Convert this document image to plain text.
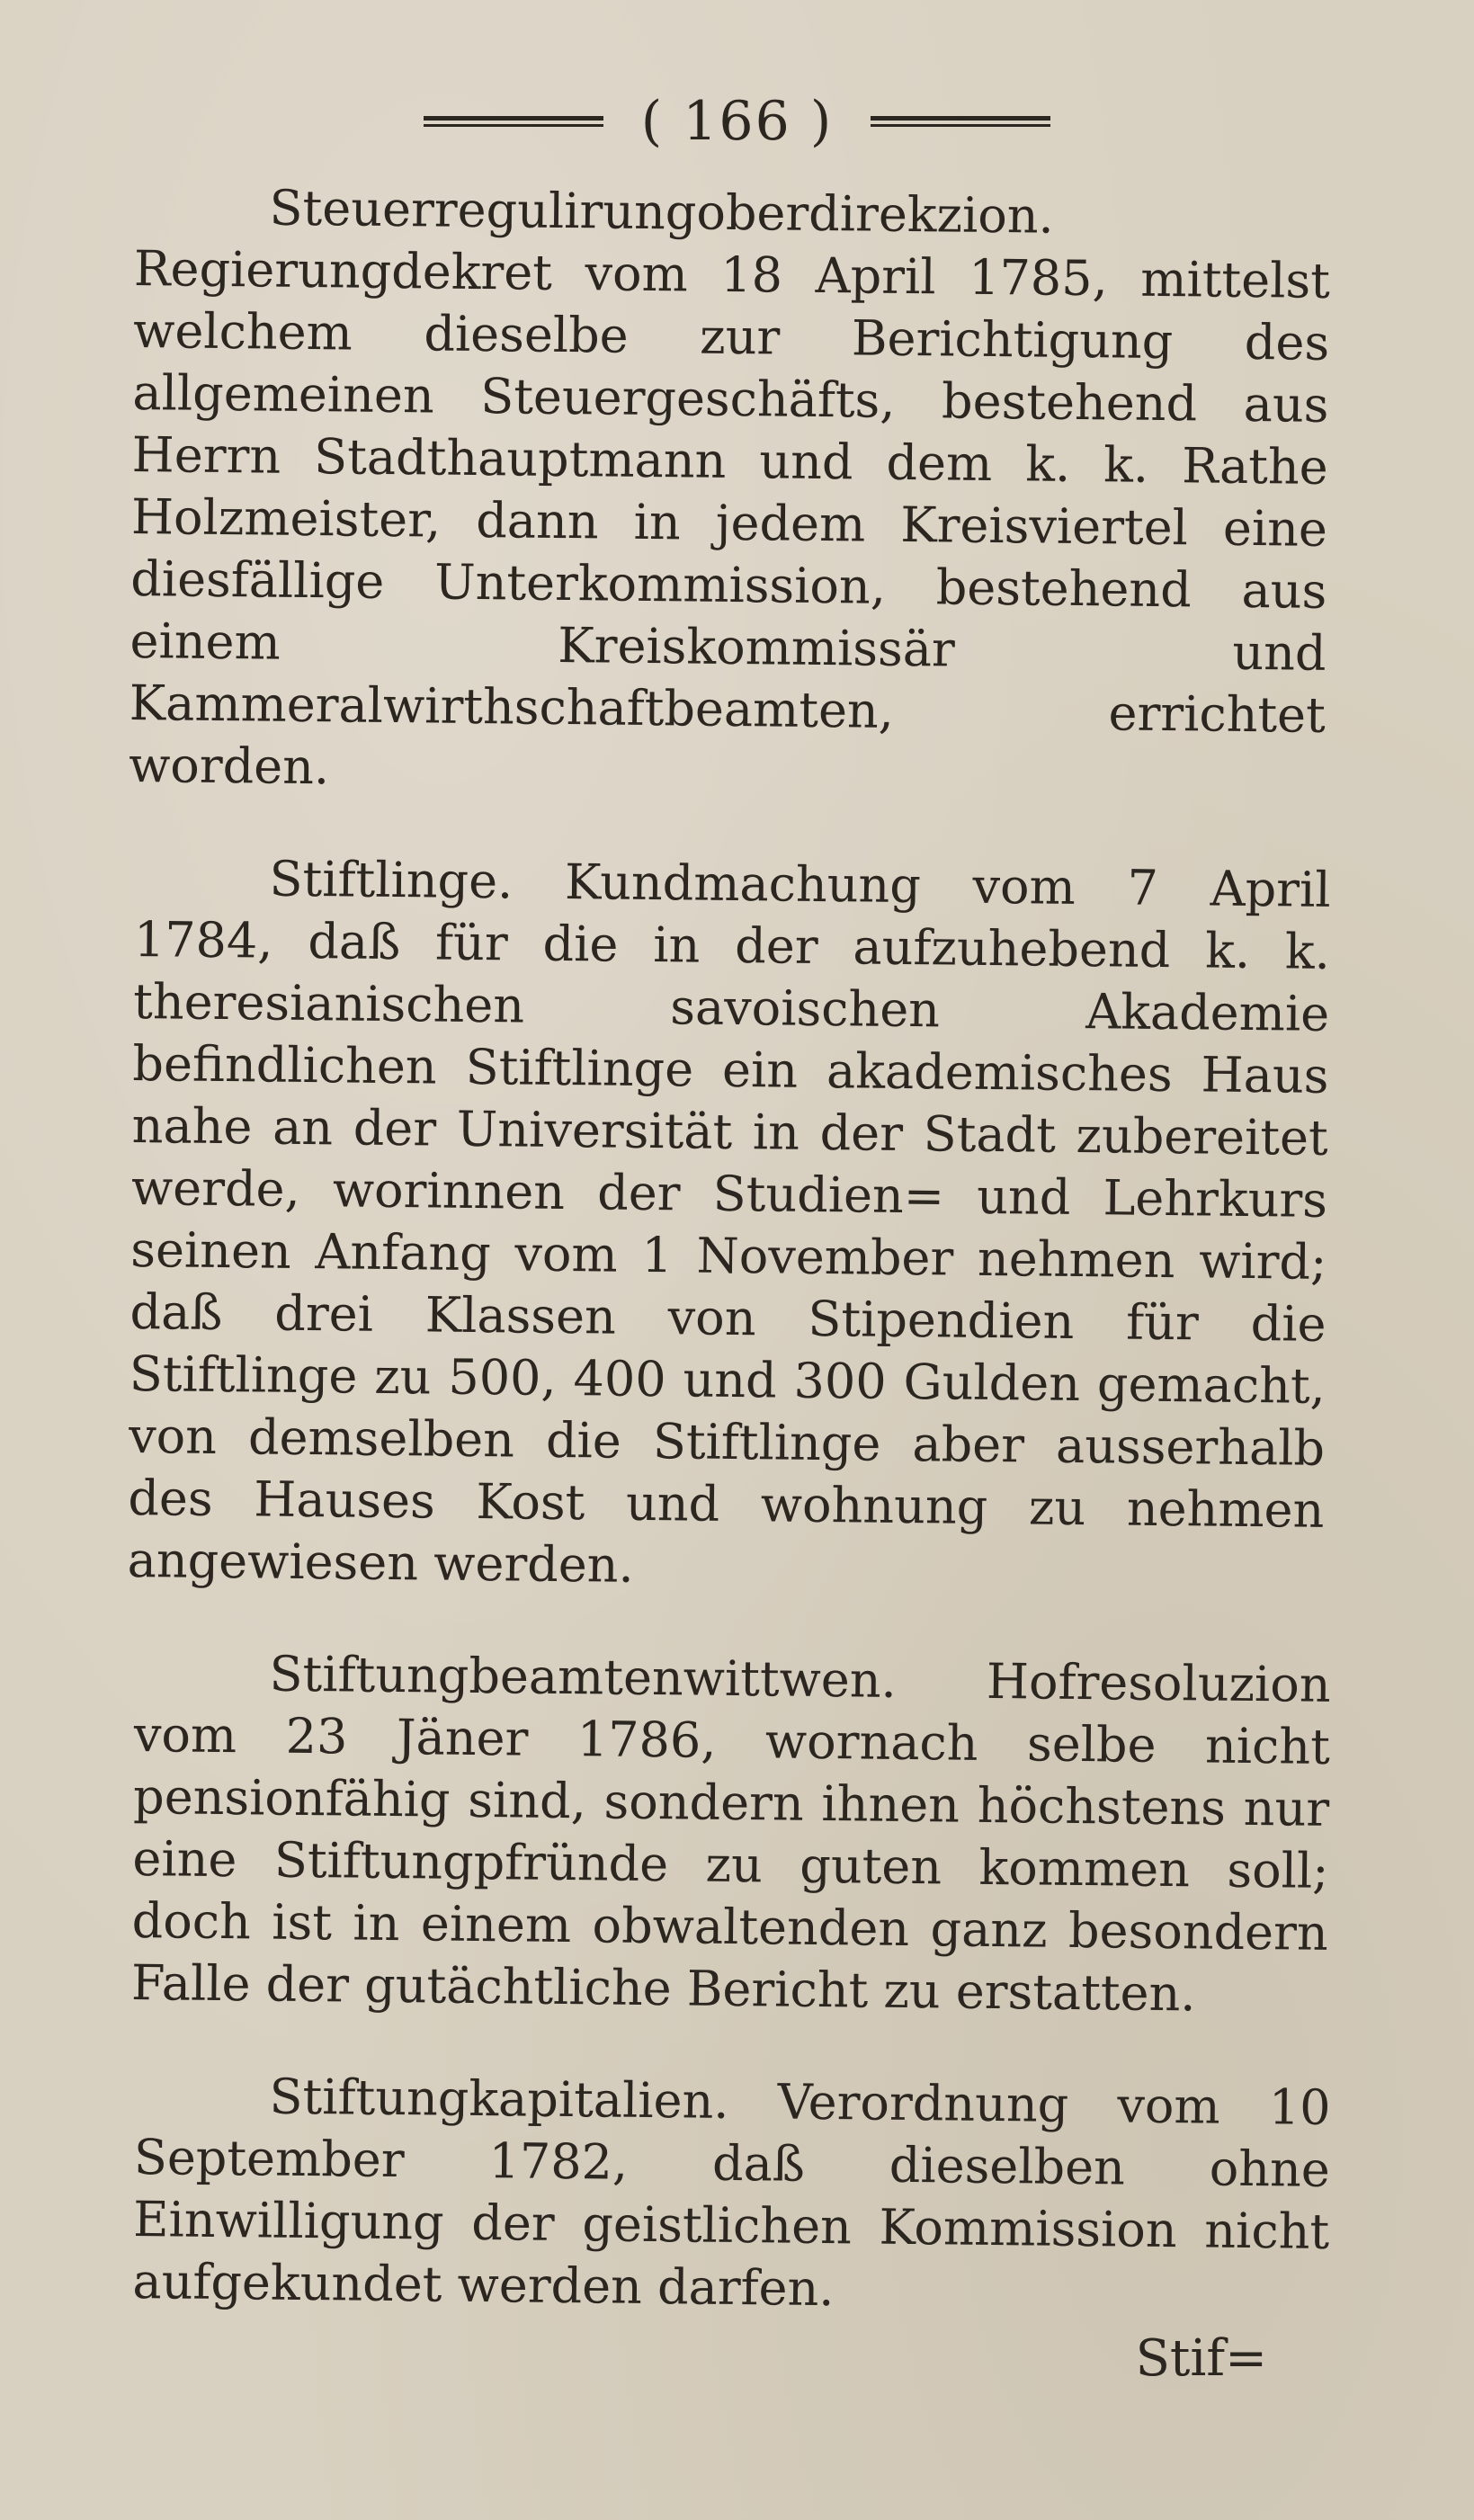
( 166 )

Steuerregulirungoberdirekzion. Regierungdekret vom 18 April 1785, mittelst welchem dieselbe zur Berichtigung des allgemeinen Steuergeschäfts, bestehend aus Herrn Stadthauptmann und dem k. k. Rathe Holzmeister, dann in jedem Kreisviertel eine diesfällige Unterkommission, bestehend aus einem Kreiskommissär und Kammeralwirthschaftbeamten, errichtet worden.

Stiftlinge. Kundmachung vom 7 April 1784, daß für die in der aufzuhebend k. k. theresianischen savoischen Akademie befindlichen Stiftlinge ein akademisches Haus nahe an der Universität in der Stadt zubereitet werde, worinnen der Studien= und Lehrkurs seinen Anfang vom 1 November nehmen wird; daß drei Klassen von Stipendien für die Stiftlinge zu 500, 400 und 300 Gulden gemacht, von demselben die Stiftlinge aber ausserhalb des Hauses Kost und wohnung zu nehmen angewiesen werden.

Stiftungbeamtenwittwen. Hofresoluzion vom 23 Jäner 1786, wornach selbe nicht pensionfähig sind, sondern ihnen höchstens nur eine Stiftungpfründe zu guten kommen soll; doch ist in einem obwaltenden ganz besondern Falle der gutächtliche Bericht zu erstatten.

Stiftungkapitalien. Verordnung vom 10 September 1782, daß dieselben ohne Einwilligung der geistlichen Kommission nicht aufgekundet werden darfen.

Stif=
